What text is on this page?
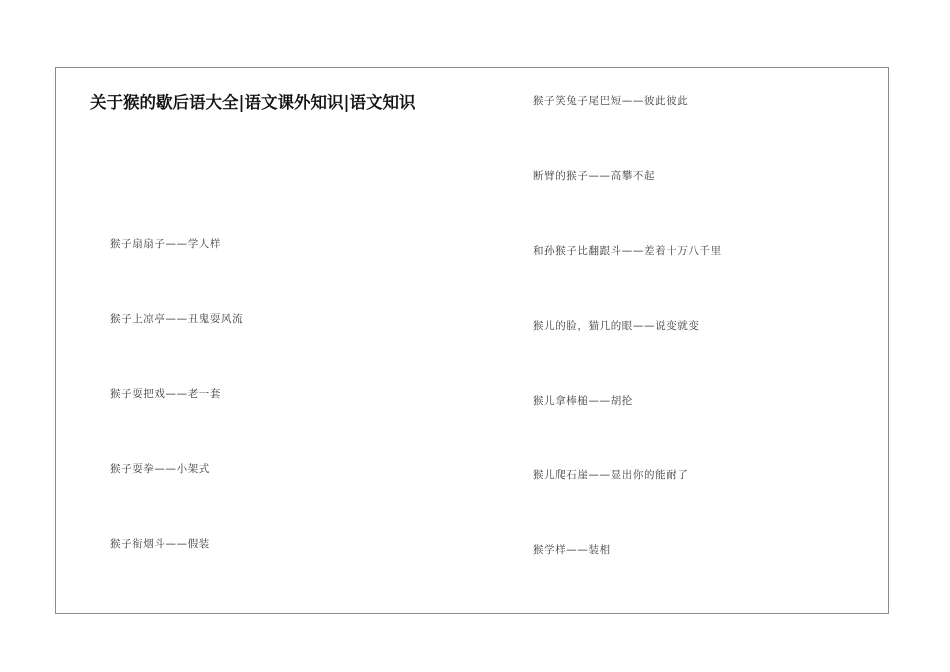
关于猴的歇后语大全|语文课外知识|语文知识
猴子扇扇子——学人样
猴子上凉亭——丑鬼耍风流
猴子耍把戏——老一套
猴子耍拳——小架式
猴子衔烟斗——假装
猴子笑兔子尾巴短——彼此彼此
断臂的猴子——高攀不起
和孙猴子比翻跟斗——差着十万八千里
猴儿的脸，猫几的眼——说变就变
猴儿拿棒槌——胡抡
猴儿爬石崖——显出你的能耐了
猴学样——装相
